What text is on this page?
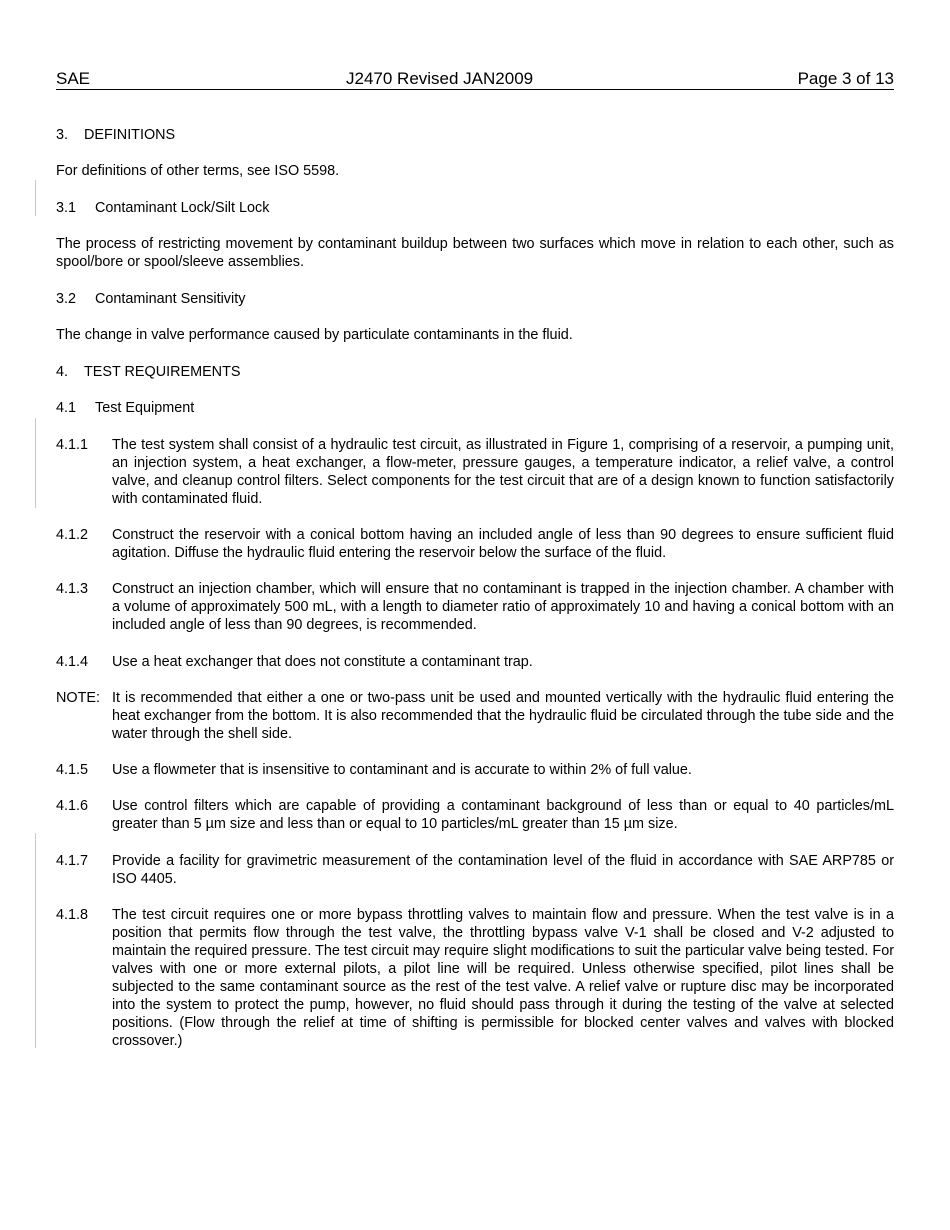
SAE	J2470 Revised JAN2009	Page 3 of 13
3. DEFINITIONS
For definitions of other terms, see ISO 5598.
3.1 Contaminant Lock/Silt Lock
The process of restricting movement by contaminant buildup between two surfaces which move in relation to each other, such as spool/bore or spool/sleeve assemblies.
3.2 Contaminant Sensitivity
The change in valve performance caused by particulate contaminants in the fluid.
4. TEST REQUIREMENTS
4.1 Test Equipment
4.1.1 The test system shall consist of a hydraulic test circuit, as illustrated in Figure 1, comprising of a reservoir, a pumping unit, an injection system, a heat exchanger, a flow-meter, pressure gauges, a temperature indicator, a relief valve, a control valve, and cleanup control filters. Select components for the test circuit that are of a design known to function satisfactorily with contaminated fluid.
4.1.2 Construct the reservoir with a conical bottom having an included angle of less than 90 degrees to ensure sufficient fluid agitation. Diffuse the hydraulic fluid entering the reservoir below the surface of the fluid.
4.1.3 Construct an injection chamber, which will ensure that no contaminant is trapped in the injection chamber. A chamber with a volume of approximately 500 mL, with a length to diameter ratio of approximately 10 and having a conical bottom with an included angle of less than 90 degrees, is recommended.
4.1.4 Use a heat exchanger that does not constitute a contaminant trap.
NOTE: It is recommended that either a one or two-pass unit be used and mounted vertically with the hydraulic fluid entering the heat exchanger from the bottom. It is also recommended that the hydraulic fluid be circulated through the tube side and the water through the shell side.
4.1.5 Use a flowmeter that is insensitive to contaminant and is accurate to within 2% of full value.
4.1.6 Use control filters which are capable of providing a contaminant background of less than or equal to 40 particles/mL greater than 5 µm size and less than or equal to 10 particles/mL greater than 15 µm size.
4.1.7 Provide a facility for gravimetric measurement of the contamination level of the fluid in accordance with SAE ARP785 or ISO 4405.
4.1.8 The test circuit requires one or more bypass throttling valves to maintain flow and pressure. When the test valve is in a position that permits flow through the test valve, the throttling bypass valve V-1 shall be closed and V-2 adjusted to maintain the required pressure. The test circuit may require slight modifications to suit the particular valve being tested. For valves with one or more external pilots, a pilot line will be required. Unless otherwise specified, pilot lines shall be subjected to the same contaminant source as the rest of the test valve. A relief valve or rupture disc may be incorporated into the system to protect the pump, however, no fluid should pass through it during the testing of the valve at selected positions. (Flow through the relief at time of shifting is permissible for blocked center valves and valves with blocked crossover.)
